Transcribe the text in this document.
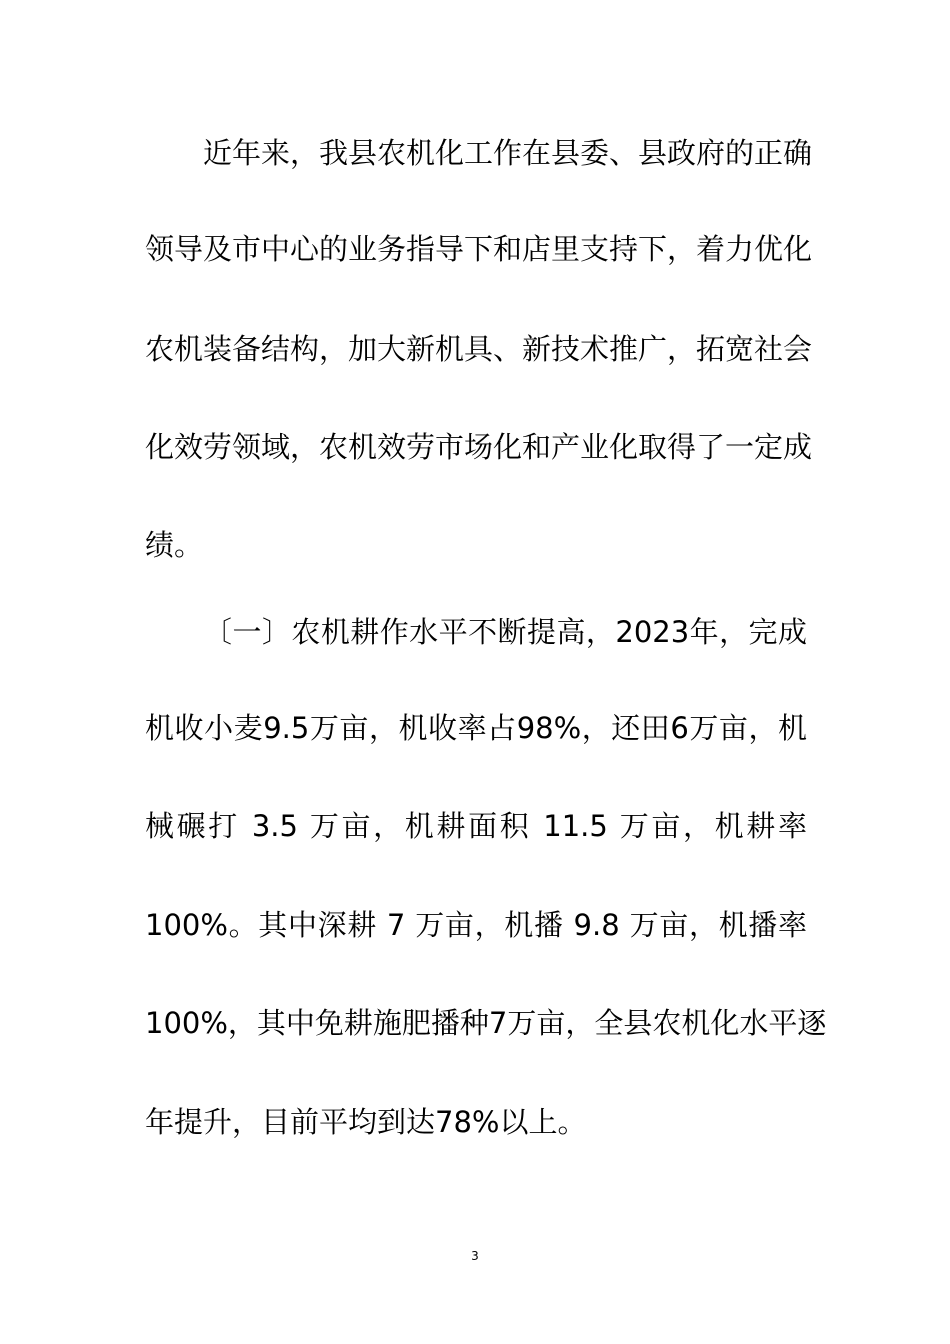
近年来，我县农机化工作在县委、县政府的正确

领导及市中心的业务指导下和店里支持下，着力优化

农机装备结构，加大新机具、新技术推广，拓宽社会

化效劳领域，农机效劳市场化和产业化取得了一定成

绩。

〔一〕农机耕作水平不断提高，2023年，完成

机收小麦9.5万亩，机收率占98%，还田6万亩，机

械碾打 3.5 万亩，机耕面积 11.5 万亩，机耕率

100%。其中深耕 7 万亩，机播 9.8 万亩，机播率

100%，其中免耕施肥播种7万亩，全县农机化水平逐

年提升，目前平均到达78%以上。

3
